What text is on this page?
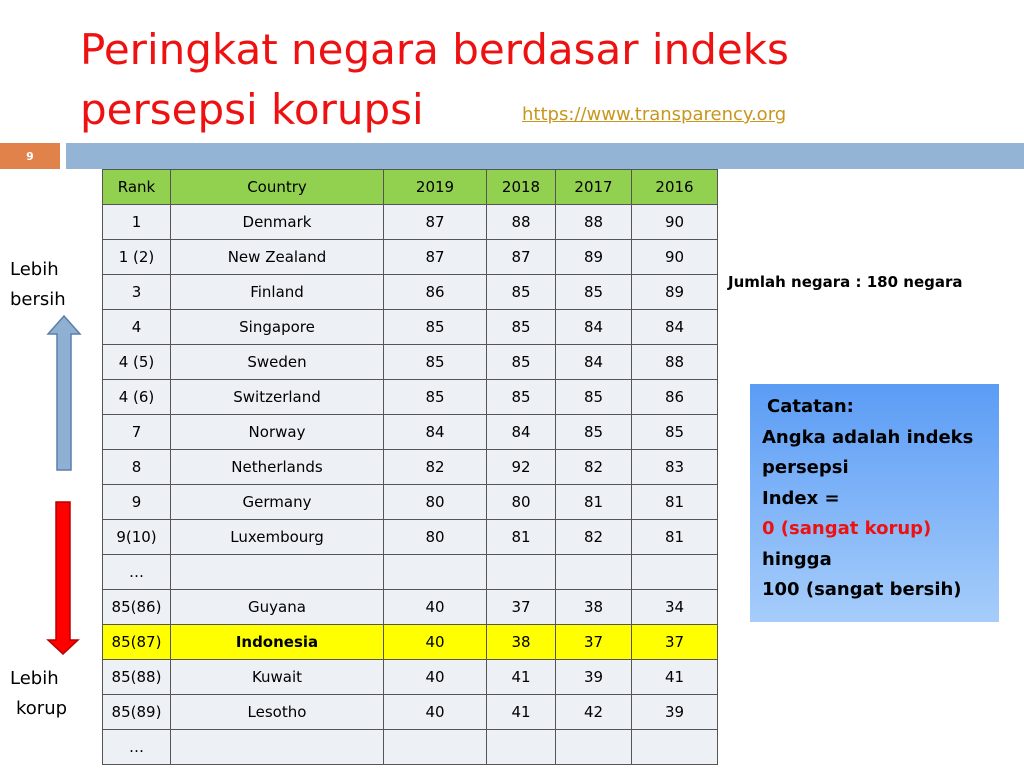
Peringkat negara berdasar indeks
persepsi korupsi	https://www.transparency.org
9
Rank	Country	2019	2018	2017	2016
1	Denmark	87	88	88	90
1 (2)	New Zealand	87	87	89	90
3	Finland	86	85	85	89
4	Singapore	85	85	84	84
4 (5)	Sweden	85	85	84	88
4 (6)	Switzerland	85	85	85	86
7	Norway	84	84	85	85
8	Netherlands	82	92	82	83
9	Germany	80	80	81	81
9(10)	Luxembourg	80	81	82	81
…					
85(86)	Guyana	40	37	38	34
85(87)	Indonesia	40	38	37	37
85(88)	Kuwait	40	41	39	41
85(89)	Lesotho	40	41	42	39
…					
Lebih
bersih
Lebih
korup
Jumlah negara : 180 negara
Catatan:
Angka adalah indeks
persepsi
Index =
0 (sangat korup)
hingga
100 (sangat bersih)
